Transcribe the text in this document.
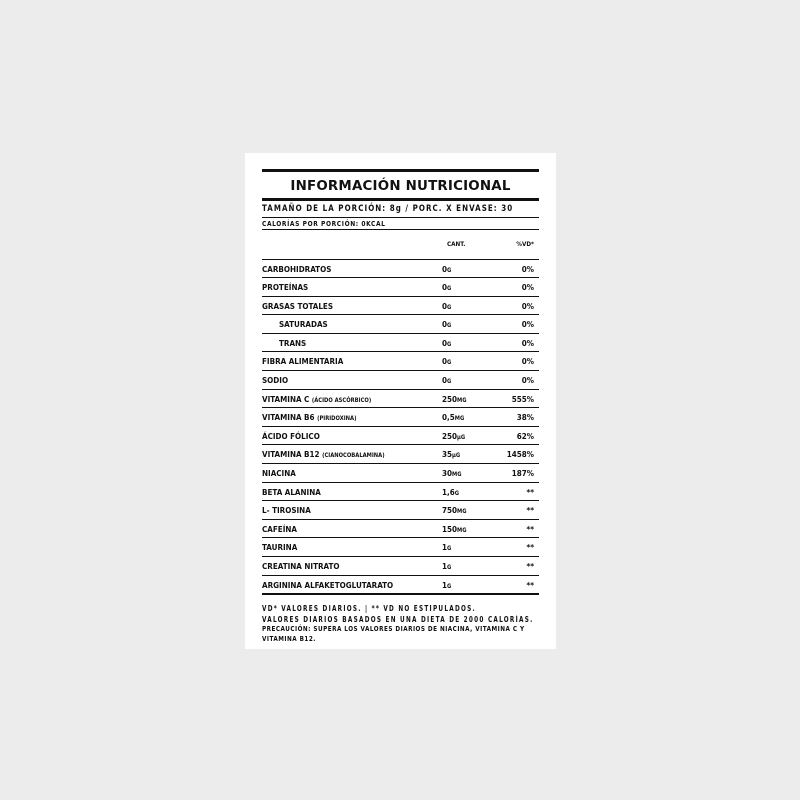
INFORMACIÓN NUTRICIONAL
TAMAÑO DE LA PORCIÓN: 8g / PORC. X ENVASE: 30
CALORÍAS POR PORCIÓN: 0KCAL
CANT.	%VD*
CARBOHIDRATOS	0G	0%
PROTEÍNAS	0G	0%
GRASAS TOTALES	0G	0%
SATURADAS	0G	0%
TRANS	0G	0%
FIBRA ALIMENTARIA	0G	0%
SODIO	0G	0%
VITAMINA C (ÁCIDO ASCÓRBICO)	250MG	555%
VITAMINA B6 (PIRIDOXINA)	0,5MG	38%
ÁCIDO FÓLICO	250µG	62%
VITAMINA B12 (CIANOCOBALAMINA)	35µG	1458%
NIACINA	30MG	187%
BETA ALANINA	1,6G	**
L- TIROSINA	750MG	**
CAFEÍNA	150MG	**
TAURINA	1G	**
CREATINA NITRATO	1G	**
ARGININA ALFAKETOGLUTARATO	1G	**
VD* VALORES DIARIOS. | ** VD NO ESTIPULADOS.
VALORES DIARIOS BASADOS EN UNA DIETA DE 2000 CALORÍAS.
PRECAUCIÓN: SUPERA LOS VALORES DIARIOS DE NIACINA, VITAMINA C Y VITAMINA B12.
